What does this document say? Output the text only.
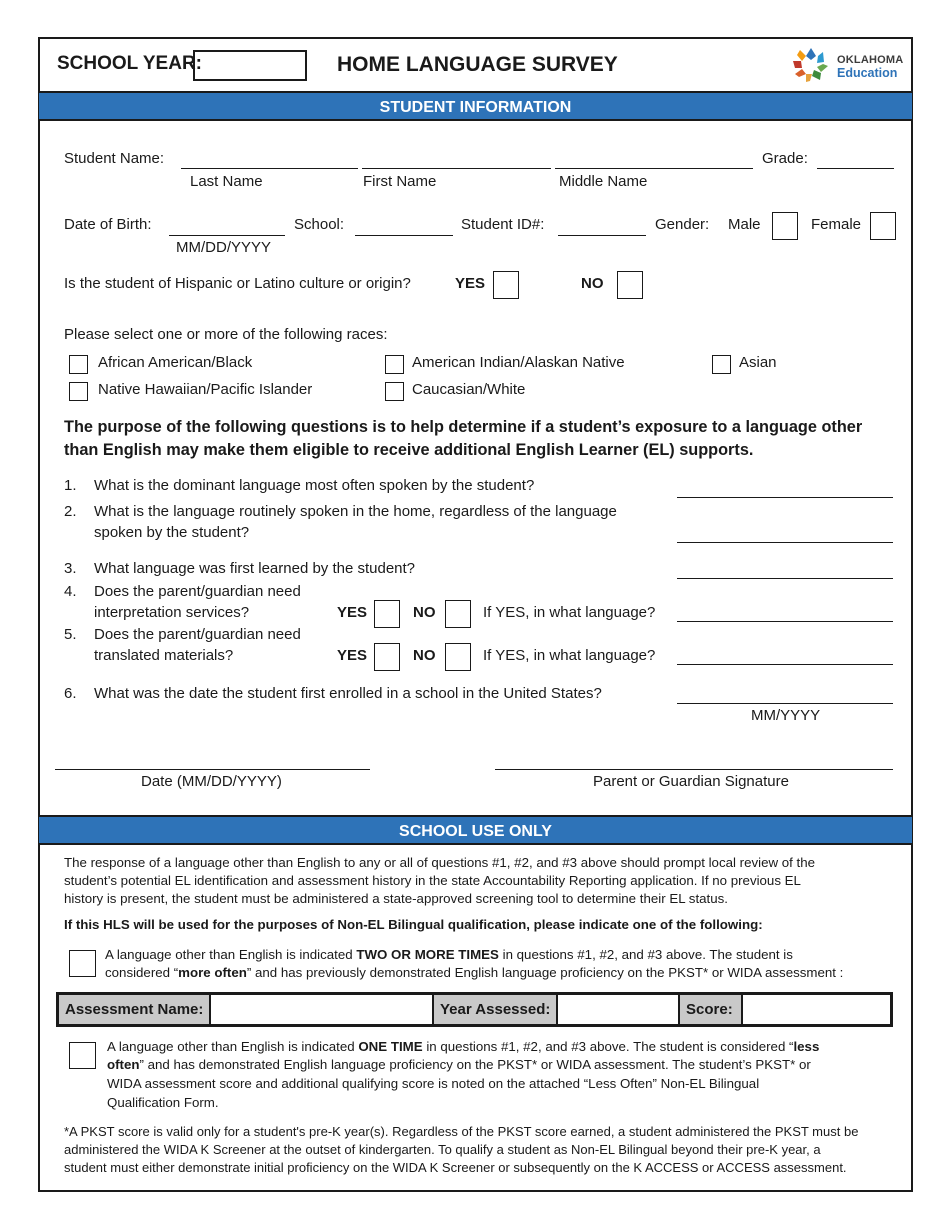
SCHOOL YEAR:	HOME LANGUAGE SURVEY	OKLAHOMA
Education
STUDENT INFORMATION
Student Name:	Grade:
Last Name	First Name	Middle Name
Date of Birth:
MM/DD/YYYY
School:	Student ID#:	Gender: Male	Female
Is the student of Hispanic or Latino culture or origin?	YES	NO
Please select one or more of the following races:
African American/Black	American Indian/Alaskan Native	Asian
Native Hawaiian/Pacific Islander	Caucasian/White
The purpose of the following questions is to help determine if a student’s exposure to a language other
than English may make them eligible to receive additional English Learner (EL) supports.
1. What is the dominant language most often spoken by the student?
2. What is the language routinely spoken in the home, regardless of the language
spoken by the student?
3. What language was first learned by the student?
4. Does the parent/guardian need
interpretation services?	YES	NO	If YES, in what language?
5. Does the parent/guardian need
translated materials?	YES	NO	If YES, in what language?
6. What was the date the student first enrolled in a school in the United States?
MM/YYYY
Date (MM/DD/YYYY)	Parent or Guardian Signature
SCHOOL USE ONLY
The response of a language other than English to any or all of questions #1, #2, and #3 above should prompt local review of the
student’s potential EL identification and assessment history in the state Accountability Reporting application. If no previous EL
history is present, the student must be administered a state-approved screening tool to determine their EL status.
If this HLS will be used for the purposes of Non-EL Bilingual qualification, please indicate one of the following:
A language other than English is indicated TWO OR MORE TIMES in questions #1, #2, and #3 above. The student is
considered “more often” and has previously demonstrated English language proficiency on the PKST* or WIDA assessment :
Assessment Name:	Year Assessed:	Score:
A language other than English is indicated ONE TIME in questions #1, #2, and #3 above. The student is considered “less
often” and has demonstrated English language proficiency on the PKST* or WIDA assessment. The student’s PKST* or
WIDA assessment score and additional qualifying score is noted on the attached “Less Often” Non-EL Bilingual
Qualification Form.
*A PKST score is valid only for a student's pre-K year(s). Regardless of the PKST score earned, a student administered the PKST must be
administered the WIDA K Screener at the outset of kindergarten. To qualify a student as Non-EL Bilingual beyond their pre-K year, a
student must either demonstrate initial proficiency on the WIDA K Screener or subsequently on the K ACCESS or ACCESS assessment.
